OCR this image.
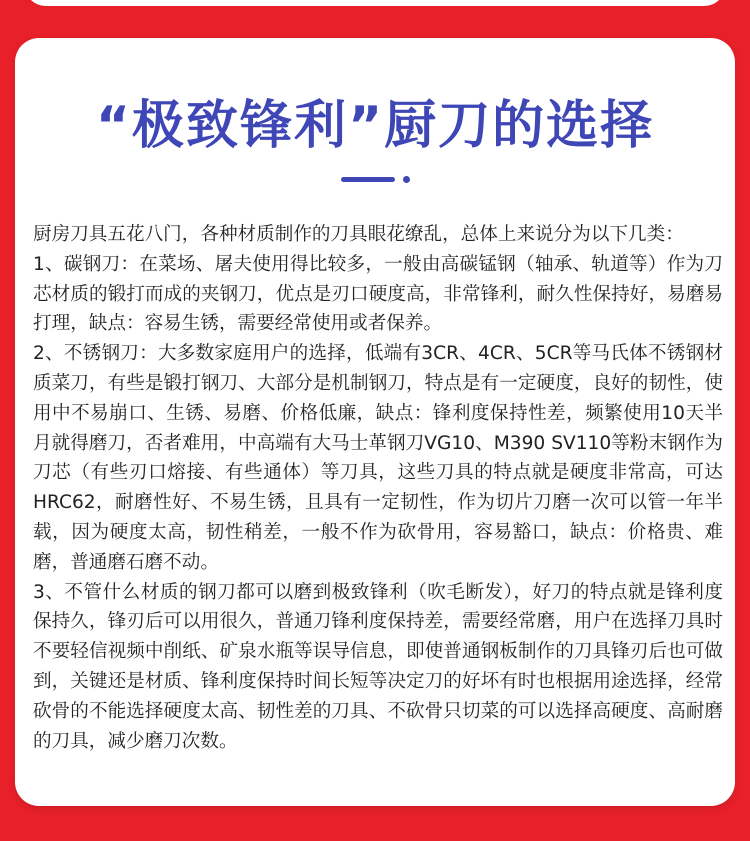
“极致锋利”厨刀的选择

厨房刀具五花八门，各种材质制作的刀具眼花缭乱，总体上来说分为以下几类：

1、碳钢刀：在菜场、屠夫使用得比较多，一般由高碳锰钢（轴承、轨道等）作为刀芯材质的锻打而成的夹钢刀，优点是刃口硬度高，非常锋利，耐久性保持好，易磨易打理，缺点：容易生锈，需要经常使用或者保养。

2、不锈钢刀：大多数家庭用户的选择，低端有3CR、4CR、5CR等马氏体不锈钢材质菜刀，有些是锻打钢刀、大部分是机制钢刀，特点是有一定硬度，良好的韧性，使用中不易崩口、生锈、易磨、价格低廉，缺点：锋利度保持性差，频繁使用10天半月就得磨刀，否者难用，中高端有大马士革钢刀VG10、M390 SV110等粉末钢作为刀芯（有些刃口熔接、有些通体）等刀具，这些刀具的特点就是硬度非常高，可达HRC62，耐磨性好、不易生锈，且具有一定韧性，作为切片刀磨一次可以管一年半载，因为硬度太高，韧性稍差，一般不作为砍骨用，容易豁口，缺点：价格贵、难磨，普通磨石磨不动。

3、不管什么材质的钢刀都可以磨到极致锋利（吹毛断发），好刀的特点就是锋利度保持久，锋刃后可以用很久，普通刀锋利度保持差，需要经常磨，用户在选择刀具时不要轻信视频中削纸、矿泉水瓶等误导信息，即使普通钢板制作的刀具锋刃后也可做到，关键还是材质、锋利度保持时间长短等决定刀的好坏有时也根据用途选择，经常砍骨的不能选择硬度太高、韧性差的刀具、不砍骨只切菜的可以选择高硬度、高耐磨的刀具，减少磨刀次数。
